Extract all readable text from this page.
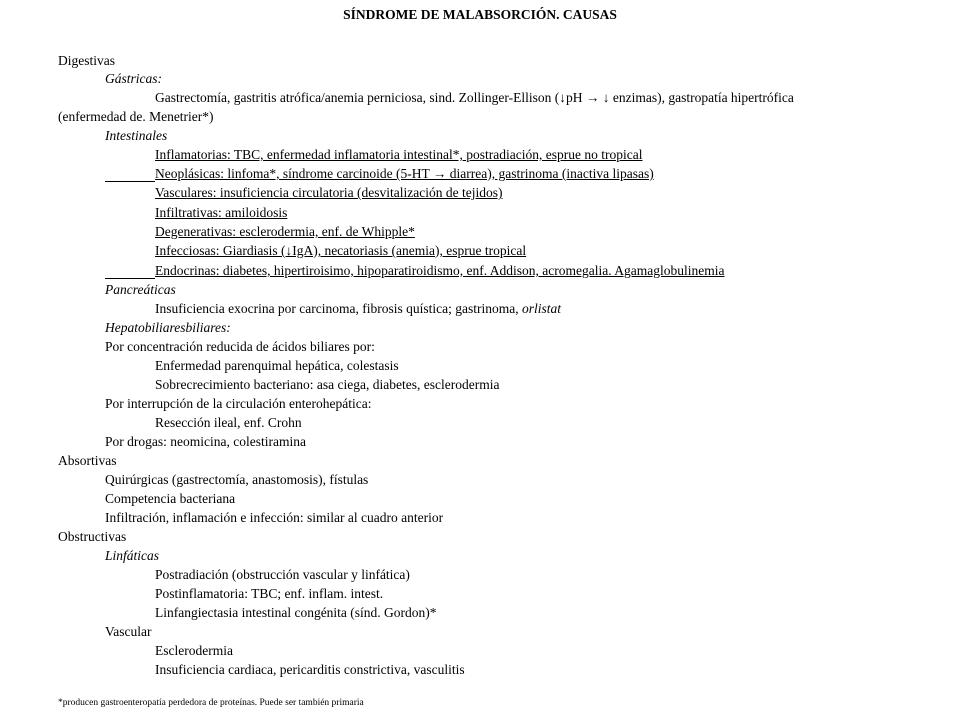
SÍNDROME DE MALABSORCIÓN. CAUSAS
Digestivas
Gástricas:
Gastrectomía, gastritis atrófica/anemia perniciosa, sind. Zollinger-Ellison (↓pH → ↓ enzimas), gastropatía hipertrófica
(enfermedad de. Menetrier*)
Intestinales
Inflamatorias: TBC, enfermedad inflamatoria intestinal*, postradiación, esprue no tropical
Neoplásicas: linfoma*, síndrome carcinoide (5-HT → diarrea), gastrinoma (inactiva lipasas)
Vasculares: insuficiencia circulatoria (desvitalización de tejidos)
Infiltrativas: amiloidosis
Degenerativas: esclerodermia, enf. de Whipple*
Infecciosas: Giardiasis (↓IgA), necatoriasis (anemia), esprue tropical
Endocrinas: diabetes, hipertiroisimo, hipoparatiroidismo, enf. Addison, acromegalia. Agamaglobulinemia
Pancreáticas
Insuficiencia exocrina por carcinoma, fibrosis quística; gastrinoma, orlistat
Hepatobiliaresbiliares:
Por concentración reducida de ácidos biliares por:
Enfermedad parenquimal hepática, colestasis
Sobrecrecimiento bacteriano: asa ciega, diabetes, esclerodermia
Por interrupción de la circulación enterohepática:
Resección ileal, enf. Crohn
Por drogas: neomicina, colestiramina
Absortivas
Quirúrgicas (gastrectomía, anastomosis), fístulas
Competencia bacteriana
Infiltración, inflamación e infección: similar al cuadro anterior
Obstructivas
Linfáticas
Postradiación (obstrucción vascular y linfática)
Postinflamatoria: TBC; enf. inflam. intest.
Linfangiectasia intestinal congénita (sínd. Gordon)*
Vascular
Esclerodermia
Insuficiencia cardiaca, pericarditis constrictiva, vasculitis
*producen gastroenteropatía perdedora de proteínas. Puede ser también primaria
